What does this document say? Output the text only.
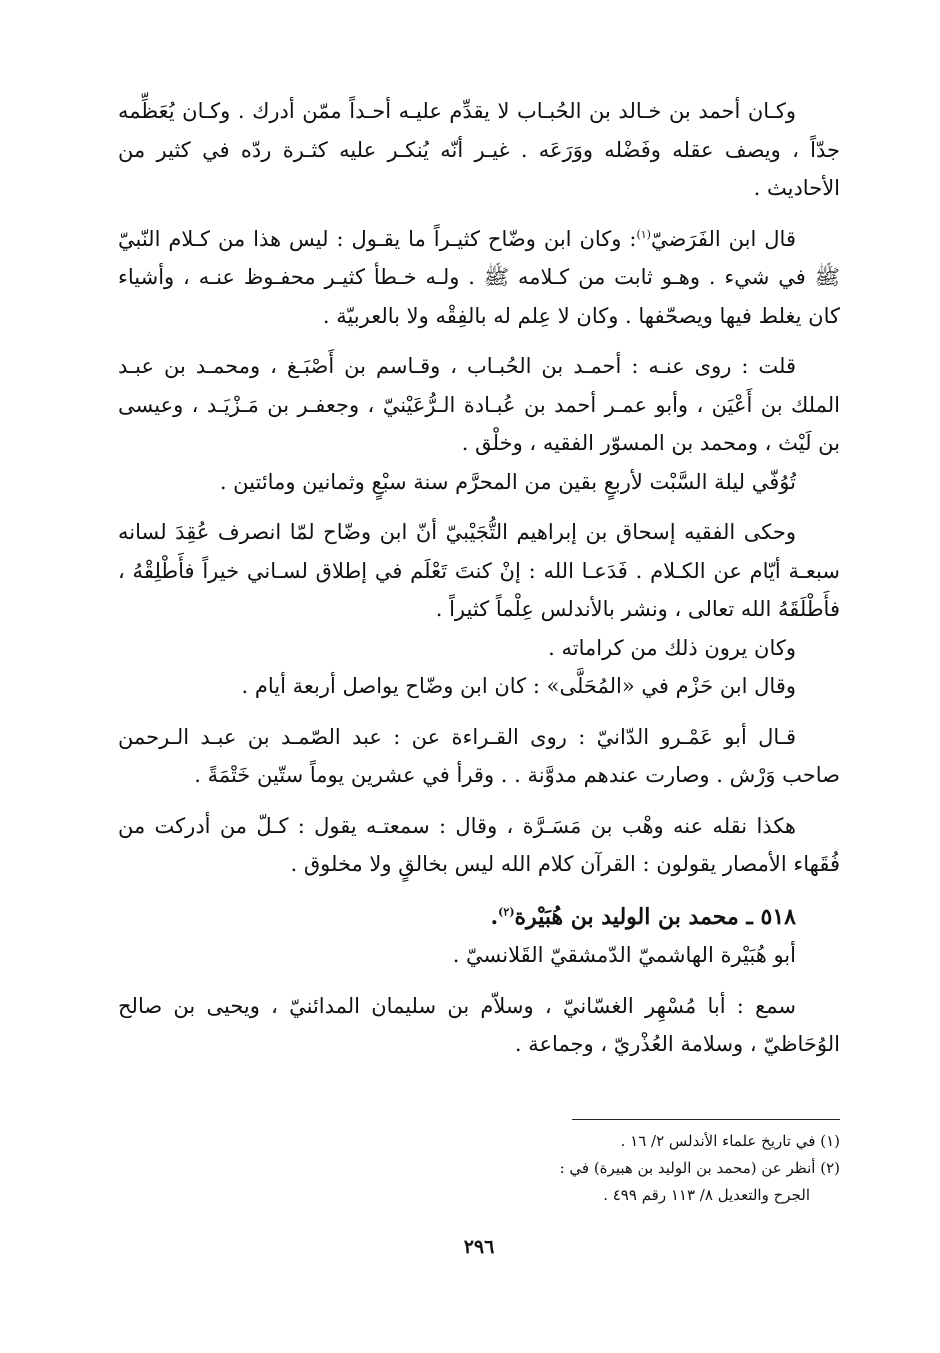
وكـان أحمد بن خـالد بن الحُبـاب لا يقدِّم عليـه أحـداً ممّن أدرك . وكـان يُعَظِّمه جدّاً ، ويصف عقله وفَضْله ووَرَعَه . غيـر أنّه يُنكـر عليه كثـرة ردّه في كثير من الأحاديث .

قال ابن الفَرَضيّ$^{(١)}$: وكان ابن وضّاح كثيـراً ما يقـول : ليس هذا من كـلام النّبيّ ﷺ في شيء . وهـو ثابت من كـلامه ﷺ . ولـه خـطأ كثيـر محفـوظ عنـه ، وأشياء كان يغلط فيها ويصحّفها . وكان لا عِلم له بالفِقْه ولا بالعربيّة .

قلت : روى عنـه : أحمـد بن الحُبـاب ، وقـاسم بن أَصْبَـغ ، ومحمـد بن عبـد الملك بن أَعْيَن ، وأبو عمـر أحمد بن عُبـادة الـرُّعَيْنيّ ، وجعفـر بن مَـزْيَـد ، وعيسى بن لَيْث ، ومحمد بن المسوّر الفقيه ، وخلْق .

تُوُفّي ليلة السَّبْت لأربعٍ بقين من المحرَّم سنة سبْعٍ وثمانين ومائتين .

وحكى الفقيه إسحاق بن إبراهيم التُّجَيْبيّ أنّ ابن وضّاح لمّا انصرف عُقِدَ لسانه سبعـة أيّام عن الكـلام . فَدَعـا الله : إنْ كنتَ تَعْلَم في إطلاق لسـاني خيراً فأَطْلِقْهُ ، فأَطْلَقَهُ الله تعالى ، ونشر بالأندلس عِلْماً كثيراً .

وكان يرون ذلك من كراماته .

وقال ابن حَزْم في «المُحَلَّى» : كان ابن وضّاح يواصل أربعة أيام .

قـال أبو عَمْـرو الدّانيّ : روى القـراءة عن : عبد الصّمـد بن عبـد الـرحمن صاحب وَرْش . وصارت عندهم مدوَّنة . . وقرأ في عشرين يوماً ستّين خَتْمَةً .

هكذا نقله عنه وهْب بن مَسَـرَّة ، وقال : سمعتـه يقول : كـلّ من أدركت من فُقَهاء الأمصار يقولون : القرآن كلام الله ليس بخالقٍ ولا مخلوق .

٥١٨ ـ محمد بن الوليد بن هُبَيْرة$^{(٢)}$.

أبو هُبَيْرة الهاشميّ الدّمشقيّ القَلانسيّ .

سمع : أبا مُسْهِر الغسّانيّ ، وسلاّم بن سليمان المدائنيّ ، ويحيى بن صالح الوُحَاظيّ ، وسلامة العُذْريّ ، وجماعة .

(١) في تاريخ علماء الأندلس ٢/ ١٦ .

(٢) أنظر عن (محمد بن الوليد بن هبيرة) في :

الجرح والتعديل ٨/ ١١٣ رقم ٤٩٩ .

٢٩٦
